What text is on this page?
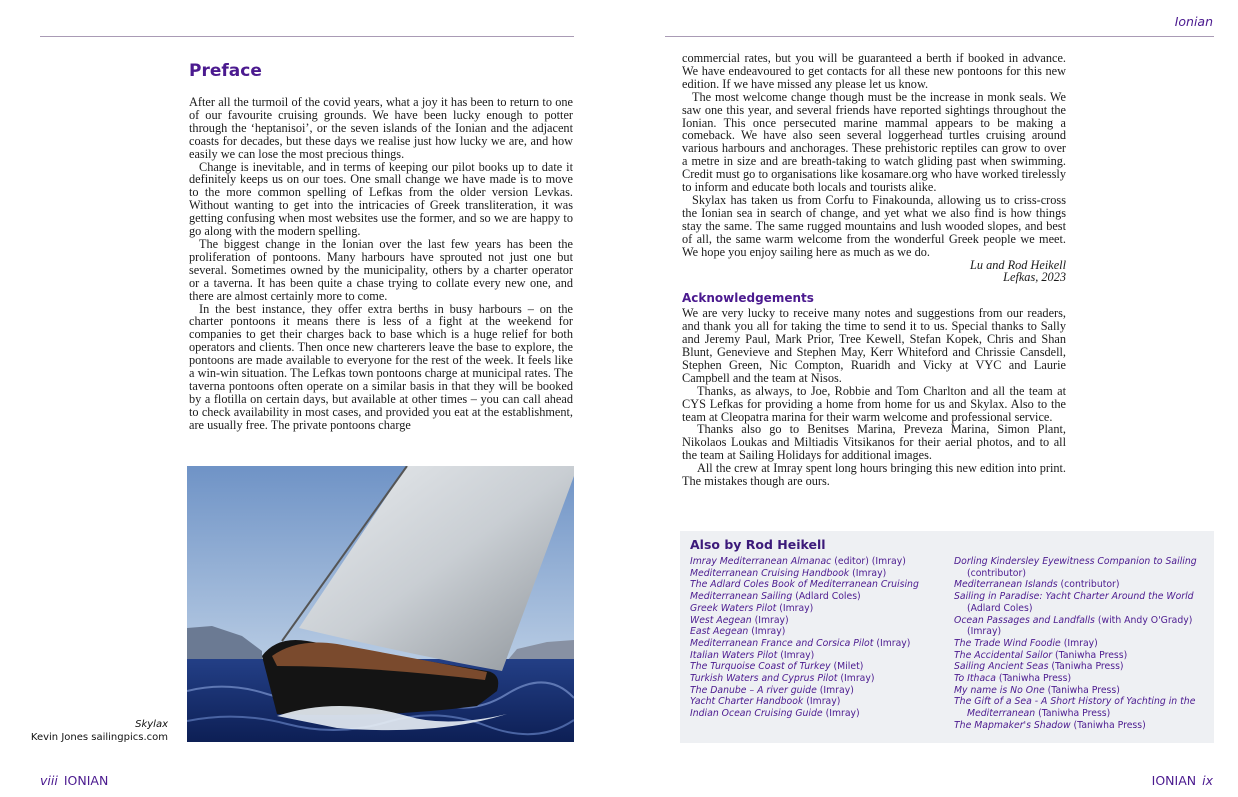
Ionian
Preface

After all the turmoil of the covid years, what a joy it has been to return to one of our favourite cruising grounds. We have been lucky enough to potter through the ‘heptanisoi’, or the seven islands of the Ionian and the adjacent coasts for decades, but these days we realise just how lucky we are, and how easily we can lose the most precious things.

Change is inevitable, and in terms of keeping our pilot books up to date it definitely keeps us on our toes. One small change we have made is to move to the more common spelling of Lefkas from the older version Levkas. Without wanting to get into the intricacies of Greek transliteration, it was getting confusing when most websites use the former, and so we are happy to go along with the modern spelling.

The biggest change in the Ionian over the last few years has been the proliferation of pontoons. Many harbours have sprouted not just one but several. Sometimes owned by the municipality, others by a charter operator or a taverna. It has been quite a chase trying to collate every new one, and there are almost certainly more to come.

In the best instance, they offer extra berths in busy harbours – on the charter pontoons it means there is less of a fight at the weekend for companies to get their charges back to base which is a huge relief for both operators and clients. Then once new charterers leave the base to explore, the pontoons are made available to everyone for the rest of the week. It feels like a win-win situation. The Lefkas town pontoons charge at municipal rates. The taverna pontoons often operate on a similar basis in that they will be booked by a flotilla on certain days, but available at other times – you can call ahead to check availability in most cases, and provided you eat at the establishment, are usually free. The private pontoons charge

Skylax
Kevin Jones sailingpics.com

commercial rates, but you will be guaranteed a berth if booked in advance. We have endeavoured to get contacts for all these new pontoons for this new edition. If we have missed any please let us know.

The most welcome change though must be the increase in monk seals. We saw one this year, and several friends have reported sightings throughout the Ionian. This once persecuted marine mammal appears to be making a comeback. We have also seen several loggerhead turtles cruising around various harbours and anchorages. These prehistoric reptiles can grow to over a metre in size and are breath-taking to watch gliding past when swimming. Credit must go to organisations like kosamare.org who have worked tirelessly to inform and educate both locals and tourists alike.

Skylax has taken us from Corfu to Finakounda, allowing us to criss-cross the Ionian sea in search of change, and yet what we also find is how things stay the same. The same rugged mountains and lush wooded slopes, and best of all, the same warm welcome from the wonderful Greek people we meet. We hope you enjoy sailing here as much as we do.

Lu and Rod Heikell
Lefkas, 2023
Acknowledgements

We are very lucky to receive many notes and suggestions from our readers, and thank you all for taking the time to send it to us. Special thanks to Sally and Jeremy Paul, Mark Prior, Tree Kewell, Stefan Kopek, Chris and Shan Blunt, Genevieve and Stephen May, Kerr Whiteford and Chrissie Cansdell, Stephen Green, Nic Compton, Ruaridh and Vicky at VYC and Laurie Campbell and the team at Nisos.

Thanks, as always, to Joe, Robbie and Tom Charlton and all the team at CYS Lefkas for providing a home from home for us and Skylax. Also to the team at Cleopatra marina for their warm welcome and professional service.

Thanks also go to Benitses Marina, Preveza Marina, Simon Plant, Nikolaos Loukas and Miltiadis Vitsikanos for their aerial photos, and to all the team at Sailing Holidays for additional images.

All the crew at Imray spent long hours bringing this new edition into print. The mistakes though are ours.

Also by Rod Heikell
Imray Mediterranean Almanac (editor) (Imray)
Mediterranean Cruising Handbook (Imray)
The Adlard Coles Book of Mediterranean Cruising
Mediterranean Sailing (Adlard Coles)
Greek Waters Pilot (Imray)
West Aegean (Imray)
East Aegean (Imray)
Mediterranean France and Corsica Pilot (Imray)
Italian Waters Pilot (Imray)
The Turquoise Coast of Turkey (Milet)
Turkish Waters and Cyprus Pilot (Imray)
The Danube – A river guide (Imray)
Yacht Charter Handbook (Imray)
Indian Ocean Cruising Guide (Imray)
Dorling Kindersley Eyewitness Companion to Sailing (contributor)
Mediterranean Islands (contributor)
Sailing in Paradise: Yacht Charter Around the World (Adlard Coles)
Ocean Passages and Landfalls (with Andy O'Grady) (Imray)
The Trade Wind Foodie (Imray)
The Accidental Sailor (Taniwha Press)
Sailing Ancient Seas (Taniwha Press)
To Ithaca (Taniwha Press)
My name is No One (Taniwha Press)
The Gift of a Sea - A Short History of Yachting in the Mediterranean (Taniwha Press)
The Mapmaker's Shadow (Taniwha Press)
viii IONIAN	IONIAN ix
